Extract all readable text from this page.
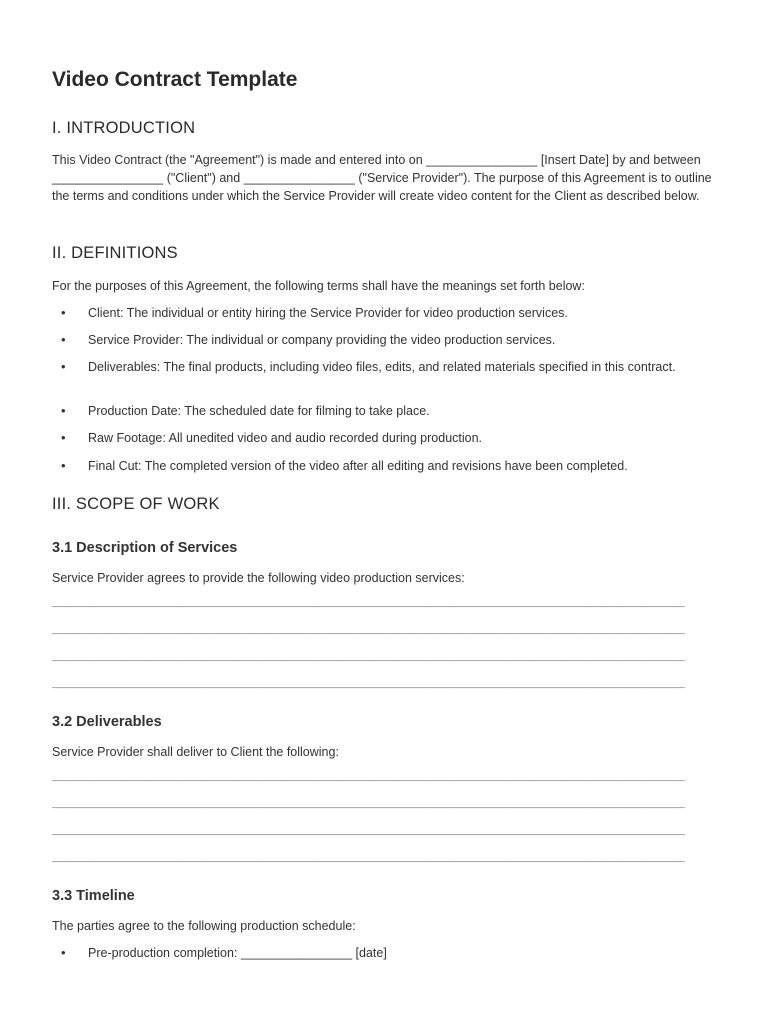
Video Contract Template
I. INTRODUCTION

This Video Contract (the "Agreement") is made and entered into on ________________ [Insert Date] by and between ________________ ("Client") and ________________ ("Service Provider"). The purpose of this Agreement is to outline the terms and conditions under which the Service Provider will create video content for the Client as described below.

II. DEFINITIONS

For the purposes of this Agreement, the following terms shall have the meanings set forth below:

• Client: The individual or entity hiring the Service Provider for video production services.
• Service Provider: The individual or company providing the video production services.
• Deliverables: The final products, including video files, edits, and related materials specified in this contract.
• Production Date: The scheduled date for filming to take place.
• Raw Footage: All unedited video and audio recorded during production.
• Final Cut: The completed version of the video after all editing and revisions have been completed.
III. SCOPE OF WORK
3.1 Description of Services

Service Provider agrees to provide the following video production services:

______________________________________________________________________________________________________
______________________________________________________________________________________________________
______________________________________________________________________________________________________
______________________________________________________________________________________________________
3.2 Deliverables

Service Provider shall deliver to Client the following:

______________________________________________________________________________________________________
______________________________________________________________________________________________________
______________________________________________________________________________________________________
______________________________________________________________________________________________________
3.3 Timeline

The parties agree to the following production schedule:

• Pre-production completion: ________________ [date]
